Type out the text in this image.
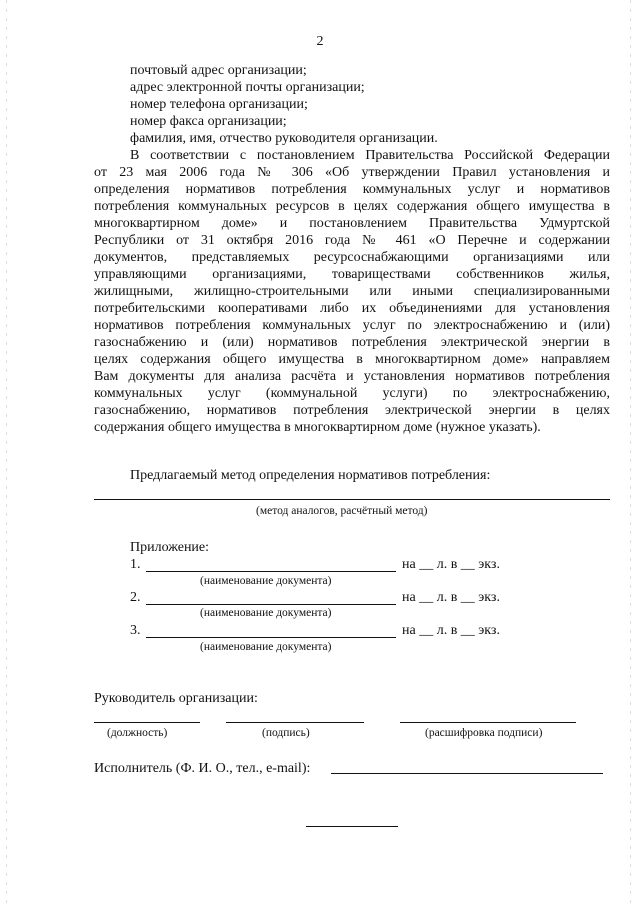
2
почтовый адрес организации;
адрес электронной почты организации;
номер телефона организации;
номер факса организации;
фамилия, имя, отчество руководителя организации.
В соответствии с постановлением Правительства Российской Федерации
от 23 мая 2006 года № 306 «Об утверждении Правил установления и
определения нормативов потребления коммунальных услуг и нормативов
потребления коммунальных ресурсов в целях содержания общего имущества в
многоквартирном доме» и постановлением Правительства Удмуртской
Республики от 31 октября 2016 года № 461 «О Перечне и содержании
документов, представляемых ресурсоснабжающими организациями или
управляющими организациями, товариществами собственников жилья,
жилищными, жилищно-строительными или иными специализированными
потребительскими кооперативами либо их объединениями для установления
нормативов потребления коммунальных услуг по электроснабжению и (или)
газоснабжению и (или) нормативов потребления электрической энергии в
целях содержания общего имущества в многоквартирном доме» направляем
Вам документы для анализа расчёта и установления нормативов потребления
коммунальных услуг (коммунальной услуги) по электроснабжению,
газоснабжению, нормативов потребления электрической энергии в целях
содержания общего имущества в многоквартирном доме (нужное указать).
Предлагаемый метод определения нормативов потребления:
(метод аналогов, расчётный метод)
Приложение:
1.	на __ л. в __ экз.
(наименование документа)
2.	на __ л. в __ экз.
(наименование документа)
3.	на __ л. в __ экз.
(наименование документа)
Руководитель организации:
(должность)	(подпись)	(расшифровка подписи)
Исполнитель (Ф. И. О., тел., e-mail):
